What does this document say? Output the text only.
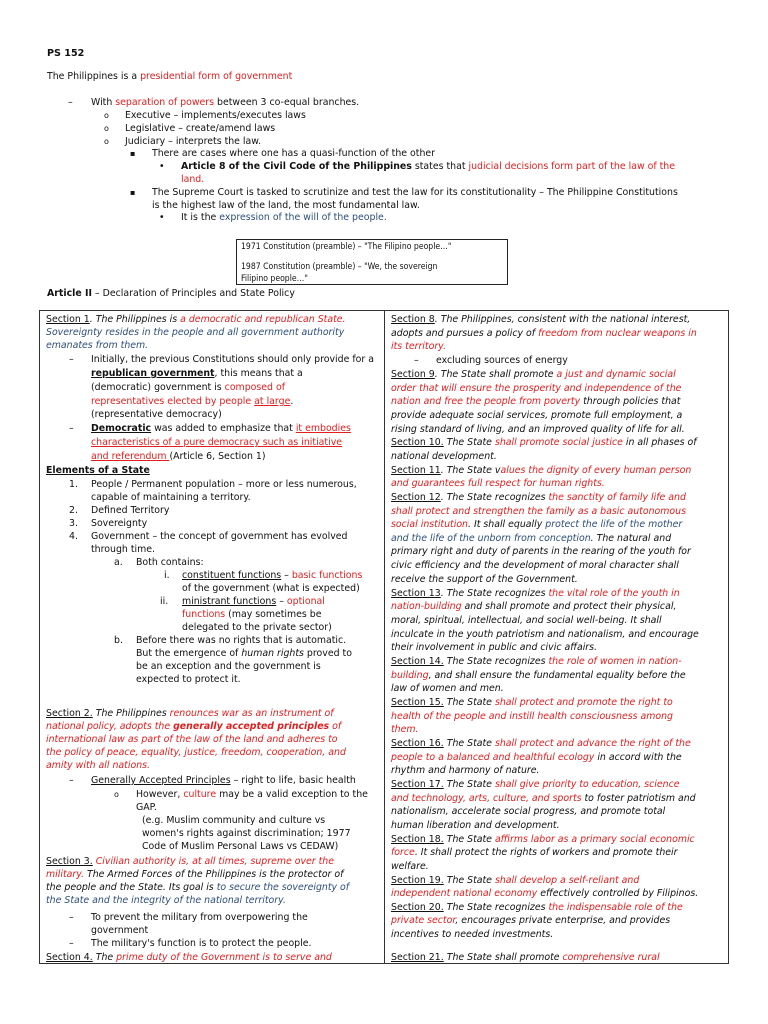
PS 152
The Philippines is a presidential form of government
– With separation of powers between 3 co-equal branches.
o Executive – implements/executes laws
o Legislative – create/amend laws
o Judiciary – interprets the law.
▪ There are cases where one has a quasi-function of the other
• Article 8 of the Civil Code of the Philippines states that judicial decisions form part of the law of the
land.
▪ The Supreme Court is tasked to scrutinize and test the law for its constitutionality – The Philippine Constitutions
is the highest law of the land, the most fundamental law.
• It is the expression of the will of the people.
1971 Constitution (preamble) – "The Filipino people…"
1987 Constitution (preamble) – "We, the sovereign
Filipino people…"
Article II – Declaration of Principles and State Policy
Section 1. The Philippines is a democratic and republican State.
Sovereignty resides in the people and all government authority
emanates from them.
– Initially, the previous Constitutions should only provide for a
republican government, this means that a
(democratic) government is composed of
representatives elected by people at large.
(representative democracy)
– Democratic was added to emphasize that it embodies
characteristics of a pure democracy such as initiative
and referendum (Article 6, Section 1)
Elements of a State
1. People / Permanent population – more or less numerous,
capable of maintaining a territory.
2. Defined Territory
3. Sovereignty
4. Government – the concept of government has evolved
through time.
a. Both contains:
i. constituent functions – basic functions
of the government (what is expected)
ii. ministrant functions – optional
functions (may sometimes be
delegated to the private sector)
b. Before there was no rights that is automatic.
But the emergence of human rights proved to
be an exception and the government is
expected to protect it.
Section 2. The Philippines renounces war as an instrument of
national policy, adopts the generally accepted principles of
international law as part of the law of the land and adheres to
the policy of peace, equality, justice, freedom, cooperation, and
amity with all nations.
– Generally Accepted Principles – right to life, basic health
o However, culture may be a valid exception to the
GAP.
(e.g. Muslim community and culture vs
women's rights against discrimination; 1977
Code of Muslim Personal Laws vs CEDAW)
Section 3. Civilian authority is, at all times, supreme over the
military. The Armed Forces of the Philippines is the protector of
the people and the State. Its goal is to secure the sovereignty of
the State and the integrity of the national territory.
– To prevent the military from overpowering the
government
– The military's function is to protect the people.
Section 4. The prime duty of the Government is to serve and
Section 8. The Philippines, consistent with the national interest,
adopts and pursues a policy of freedom from nuclear weapons in
its territory.
– excluding sources of energy
Section 9. The State shall promote a just and dynamic social
order that will ensure the prosperity and independence of the
nation and free the people from poverty through policies that
provide adequate social services, promote full employment, a
rising standard of living, and an improved quality of life for all.
Section 10. The State shall promote social justice in all phases of
national development.
Section 11. The State values the dignity of every human person
and guarantees full respect for human rights.
Section 12. The State recognizes the sanctity of family life and
shall protect and strengthen the family as a basic autonomous
social institution. It shall equally protect the life of the mother
and the life of the unborn from conception. The natural and
primary right and duty of parents in the rearing of the youth for
civic efficiency and the development of moral character shall
receive the support of the Government.
Section 13. The State recognizes the vital role of the youth in
nation-building and shall promote and protect their physical,
moral, spiritual, intellectual, and social well-being. It shall
inculcate in the youth patriotism and nationalism, and encourage
their involvement in public and civic affairs.
Section 14. The State recognizes the role of women in nation-
building, and shall ensure the fundamental equality before the
law of women and men.
Section 15. The State shall protect and promote the right to
health of the people and instill health consciousness among
them.
Section 16. The State shall protect and advance the right of the
people to a balanced and healthful ecology in accord with the
rhythm and harmony of nature.
Section 17. The State shall give priority to education, science
and technology, arts, culture, and sports to foster patriotism and
nationalism, accelerate social progress, and promote total
human liberation and development.
Section 18. The State affirms labor as a primary social economic
force. It shall protect the rights of workers and promote their
welfare.
Section 19. The State shall develop a self-reliant and
independent national economy effectively controlled by Filipinos.
Section 20. The State recognizes the indispensable role of the
private sector, encourages private enterprise, and provides
incentives to needed investments.
Section 21. The State shall promote comprehensive rural
